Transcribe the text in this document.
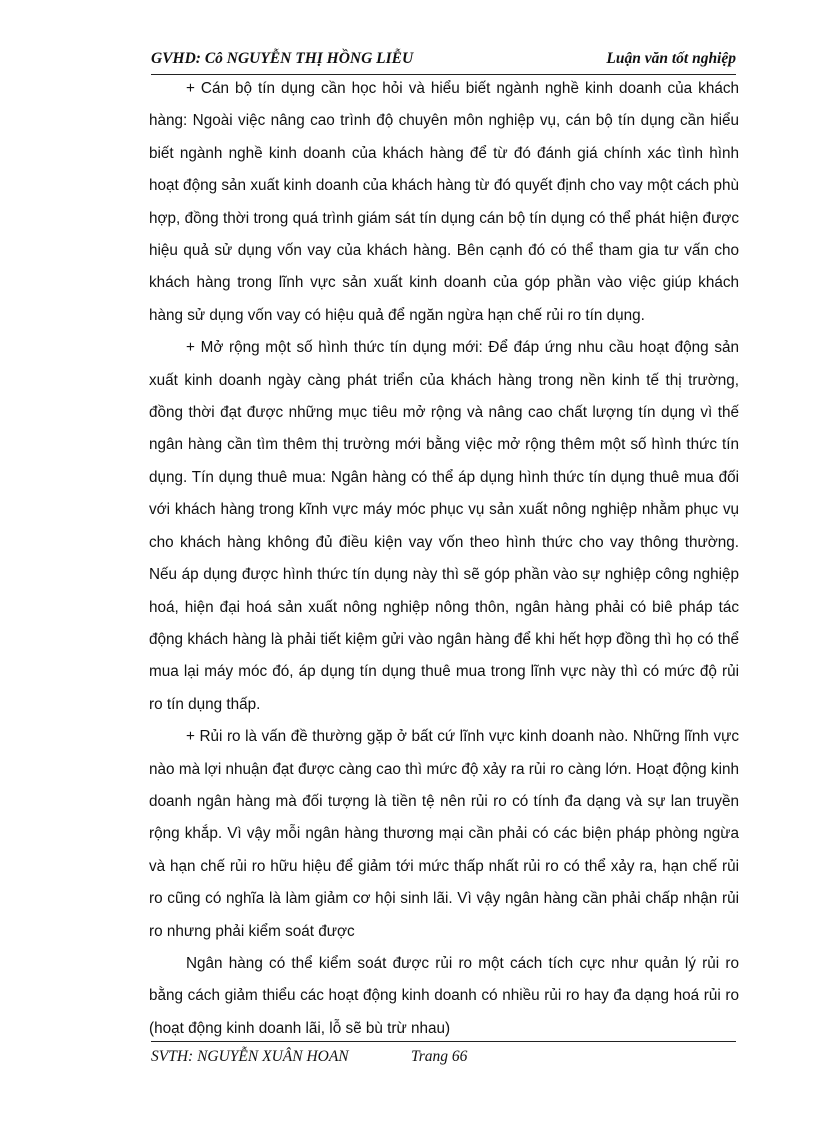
GVHD: Cô NGUYỄN THỊ HỒNG LIỄU	Luận văn tốt nghiệp

+ Cán bộ tín dụng cần học hỏi và hiểu biết ngành nghề kinh doanh của khách hàng: Ngoài việc nâng cao trình độ chuyên môn nghiệp vụ, cán bộ tín dụng cần hiểu biết ngành nghề kinh doanh của khách hàng để từ đó đánh giá chính xác tình hình hoạt động sản xuất kinh doanh của khách hàng từ đó quyết định cho vay một cách phù hợp, đồng thời trong quá trình giám sát tín dụng cán bộ tín dụng có thể phát hiện được hiệu quả sử dụng vốn vay của khách hàng. Bên cạnh đó có thể tham gia tư vấn cho khách hàng trong lĩnh vực sản xuất kinh doanh của góp phần vào việc giúp khách hàng sử dụng vốn vay có hiệu quả để ngăn ngừa hạn chế rủi ro tín dụng.

+ Mở rộng một số hình thức tín dụng mới: Để đáp ứng nhu cầu hoạt động sản xuất kinh doanh ngày càng phát triển của khách hàng trong nền kinh tế thị trường, đồng thời đạt được những mục tiêu mở rộng và nâng cao chất lượng tín dụng vì thế ngân hàng cần tìm thêm thị trường mới bằng việc mở rộng thêm một số hình thức tín dụng. Tín dụng thuê mua: Ngân hàng có thể áp dụng hình thức tín dụng thuê mua đối với khách hàng trong kĩnh vực máy móc phục vụ sản xuất nông nghiệp nhằm phục vụ cho khách hàng không đủ điều kiện vay vốn theo hình thức cho vay thông thường. Nếu áp dụng được hình thức tín dụng này thì sẽ góp phần vào sự nghiệp công nghiệp hoá, hiện đại hoá sản xuất nông nghiệp nông thôn, ngân hàng phải có biê pháp tác động khách hàng là phải tiết kiệm gửi vào ngân hàng để khi hết hợp đồng thì họ có thể mua lại máy móc đó, áp dụng tín dụng thuê mua trong lĩnh vực này thì có mức độ rủi ro tín dụng thấp.

+ Rủi ro là vấn đề thường gặp ở bất cứ lĩnh vực kinh doanh nào. Những lĩnh vực nào mà lợi nhuận đạt được càng cao thì mức độ xảy ra rủi ro càng lớn. Hoạt động kinh doanh ngân hàng mà đối tượng là tiền tệ nên rủi ro có tính đa dạng và sự lan truyền rộng khắp. Vì vậy mỗi ngân hàng thương mại cần phải có các biện pháp phòng ngừa và hạn chế rủi ro hữu hiệu để giảm tới mức thấp nhất rủi ro có thể xảy ra, hạn chế rủi ro cũng có nghĩa là làm giảm cơ hội sinh lãi. Vì vậy ngân hàng cần phải chấp nhận rủi ro nhưng phải kiểm soát được

Ngân hàng có thể kiểm soát được rủi ro một cách tích cực như quản lý rủi ro bằng cách giảm thiểu các hoạt động kinh doanh có nhiều rủi ro hay đa dạng hoá rủi ro (hoạt động kinh doanh lãi, lỗ sẽ bù trừ nhau)

SVTH: NGUYỄN XUÂN HOAN	Trang 66
